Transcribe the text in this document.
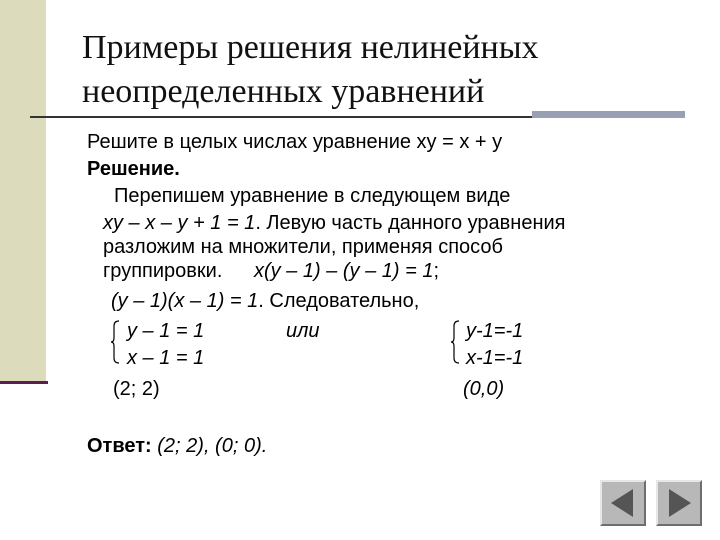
Примеры решения нелинейных
неопределенных уравнений
Решите в целых числах уравнение ху = х + у
Решение.
Перепишем уравнение в следующем виде
ху – х – у + 1 = 1. Левую часть данного уравнения
разложим на множители, применяя способ
группировки. х(у – 1) – (у – 1) = 1;
(у – 1)(х – 1) = 1. Следовательно,
у – 1 = 1
х – 1 = 1
или	у-1=-1
х-1=-1
(2; 2)	(0,0)
Ответ: (2; 2), (0; 0).
